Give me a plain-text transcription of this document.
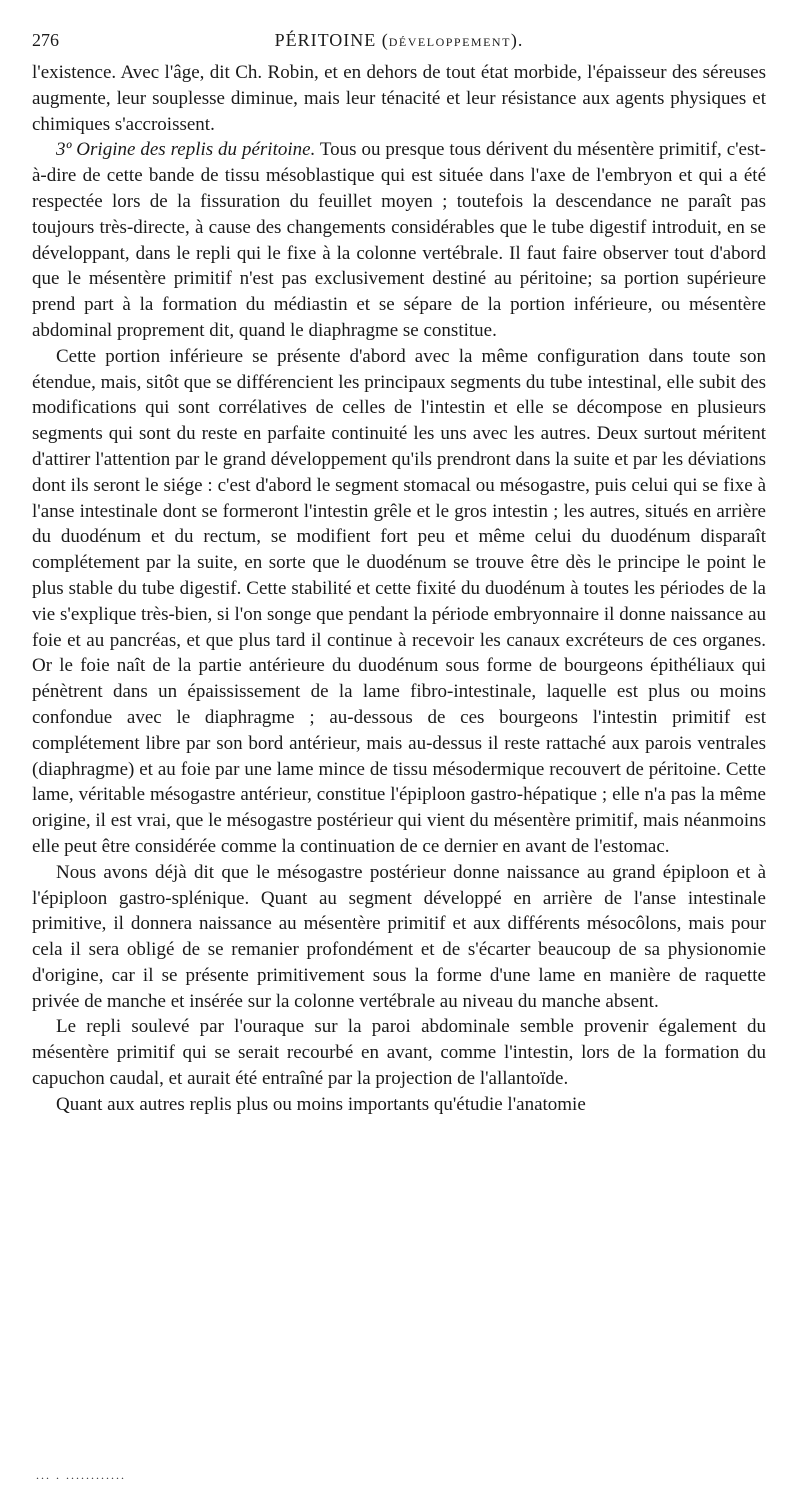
276	PÉRITOINE (DÉVELOPPEMENT).

l'existence. Avec l'âge, dit Ch. Robin, et en dehors de tout état morbide, l'épaisseur des séreuses augmente, leur souplesse diminue, mais leur ténacité et leur résistance aux agents physiques et chimiques s'accroissent.

3º Origine des replis du péritoine. Tous ou presque tous dérivent du mésentère primitif, c'est-à-dire de cette bande de tissu mésoblastique qui est située dans l'axe de l'embryon et qui a été respectée lors de la fissuration du feuillet moyen ; toutefois la descendance ne paraît pas toujours très-directe, à cause des changements considérables que le tube digestif introduit, en se développant, dans le repli qui le fixe à la colonne vertébrale. Il faut faire observer tout d'abord que le mésentère primitif n'est pas exclusivement destiné au péritoine; sa portion supérieure prend part à la formation du médiastin et se sépare de la portion inférieure, ou mésentère abdominal proprement dit, quand le diaphragme se constitue.

Cette portion inférieure se présente d'abord avec la même configuration dans toute son étendue, mais, sitôt que se différencient les principaux segments du tube intestinal, elle subit des modifications qui sont corrélatives de celles de l'intestin et elle se décompose en plusieurs segments qui sont du reste en parfaite continuité les uns avec les autres. Deux surtout méritent d'attirer l'attention par le grand développement qu'ils prendront dans la suite et par les déviations dont ils seront le siége : c'est d'abord le segment stomacal ou mésogastre, puis celui qui se fixe à l'anse intestinale dont se formeront l'intestin grêle et le gros intestin ; les autres, situés en arrière du duodénum et du rectum, se modifient fort peu et même celui du duodénum disparaît complétement par la suite, en sorte que le duodénum se trouve être dès le principe le point le plus stable du tube digestif. Cette stabilité et cette fixité du duodénum à toutes les périodes de la vie s'explique très-bien, si l'on songe que pendant la période embryonnaire il donne naissance au foie et au pancréas, et que plus tard il continue à recevoir les canaux excréteurs de ces organes. Or le foie naît de la partie antérieure du duodénum sous forme de bourgeons épithéliaux qui pénètrent dans un épaississement de la lame fibro-intestinale, laquelle est plus ou moins confondue avec le diaphragme ; au-dessous de ces bourgeons l'intestin primitif est complétement libre par son bord antérieur, mais au-dessus il reste rattaché aux parois ventrales (diaphragme) et au foie par une lame mince de tissu mésodermique recouvert de péritoine. Cette lame, véritable mésogastre antérieur, constitue l'épiploon gastro-hépatique ; elle n'a pas la même origine, il est vrai, que le mésogastre postérieur qui vient du mésentère primitif, mais néanmoins elle peut être considérée comme la continuation de ce dernier en avant de l'estomac.

Nous avons déjà dit que le mésogastre postérieur donne naissance au grand épiploon et à l'épiploon gastro-splénique. Quant au segment développé en arrière de l'anse intestinale primitive, il donnera naissance au mésentère primitif et aux différents mésocôlons, mais pour cela il sera obligé de se remanier profondément et de s'écarter beaucoup de sa physionomie d'origine, car il se présente primitivement sous la forme d'une lame en manière de raquette privée de manche et insérée sur la colonne vertébrale au niveau du manche absent.

Le repli soulevé par l'ouraque sur la paroi abdominale semble provenir également du mésentère primitif qui se serait recourbé en avant, comme l'intestin, lors de la formation du capuchon caudal, et aurait été entraîné par la projection de l'allantoïde.

Quant aux autres replis plus ou moins importants qu'étudie l'anatomie

... . ............
